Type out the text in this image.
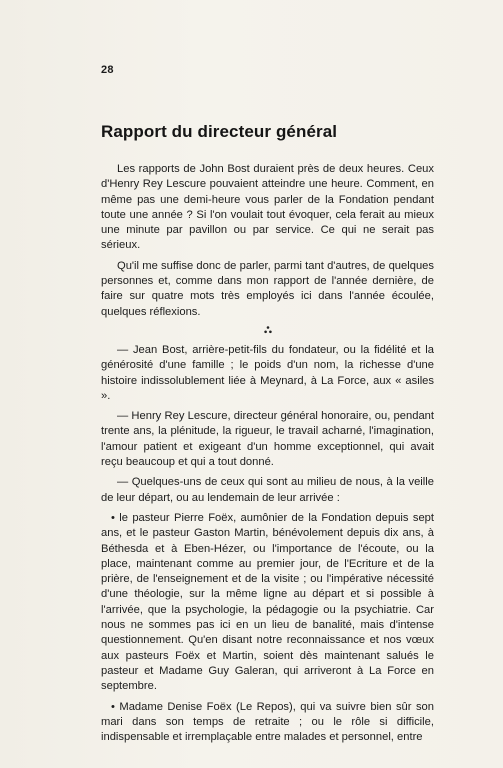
28
Rapport du directeur général

Les rapports de John Bost duraient près de deux heures. Ceux d'Henry Rey Lescure pouvaient atteindre une heure. Comment, en même pas une demi-heure vous parler de la Fondation pendant toute une année ? Si l'on voulait tout évoquer, cela ferait au mieux une minute par pavillon ou par service. Ce qui ne serait pas sérieux.

Qu'il me suffise donc de parler, parmi tant d'autres, de quelques personnes et, comme dans mon rapport de l'année dernière, de faire sur quatre mots très employés ici dans l'année écoulée, quelques réflexions.

— Jean Bost, arrière-petit-fils du fondateur, ou la fidélité et la générosité d'une famille ; le poids d'un nom, la richesse d'une histoire indissolublement liée à Meynard, à La Force, aux « asiles ».

— Henry Rey Lescure, directeur général honoraire, ou, pendant trente ans, la plénitude, la rigueur, le travail acharné, l'imagination, l'amour patient et exigeant d'un homme exceptionnel, qui avait reçu beaucoup et qui a tout donné.

— Quelques-uns de ceux qui sont au milieu de nous, à la veille de leur départ, ou au lendemain de leur arrivée :

• le pasteur Pierre Foëx, aumônier de la Fondation depuis sept ans, et le pasteur Gaston Martin, bénévolement depuis dix ans, à Béthesda et à Eben-Hézer, ou l'importance de l'écoute, ou la place, maintenant comme au premier jour, de l'Ecriture et de la prière, de l'enseignement et de la visite ; ou l'impérative nécessité d'une théologie, sur la même ligne au départ et si possible à l'arrivée, que la psychologie, la pédagogie ou la psychiatrie. Car nous ne sommes pas ici en un lieu de banalité, mais d'intense questionnement. Qu'en disant notre reconnaissance et nos vœux aux pasteurs Foëx et Martin, soient dès maintenant salués le pasteur et Madame Guy Galeran, qui arriveront à La Force en septembre.

• Madame Denise Foëx (Le Repos), qui va suivre bien sûr son mari dans son temps de retraite ; ou le rôle si difficile, indispensable et irremplaçable entre malades et personnel, entre
